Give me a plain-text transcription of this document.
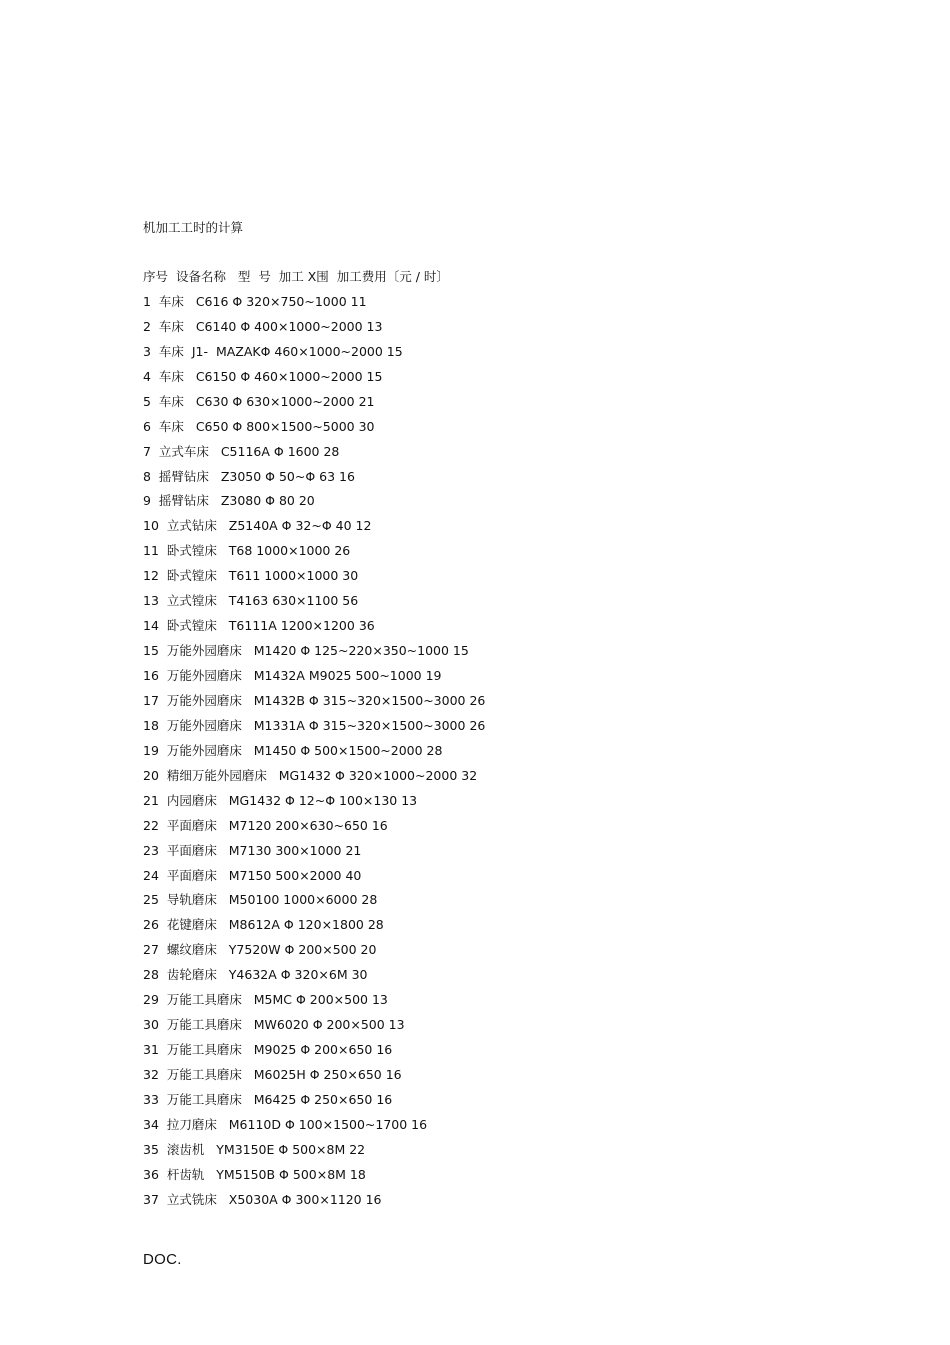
机加工工时的计算
序号  设备名称   型  号  加工 X围  加工费用〔元 / 时〕
1  车床   C616 Φ 320×750~1000 11
2  车床   C6140 Φ 400×1000~2000 13
3  车床  J1-  MAZAKΦ 460×1000~2000 15
4  车床   C6150 Φ 460×1000~2000 15
5  车床   C630 Φ 630×1000~2000 21
6  车床   C650 Φ 800×1500~5000 30
7  立式车床   C5116A Φ 1600 28
8  摇臂钻床   Z3050 Φ 50~Φ 63 16
9  摇臂钻床   Z3080 Φ 80 20
10  立式钻床   Z5140A Φ 32~Φ 40 12
11  卧式镗床   T68 1000×1000 26
12  卧式镗床   T611 1000×1000 30
13  立式镗床   T4163 630×1100 56
14  卧式镗床   T6111A 1200×1200 36
15  万能外园磨床   M1420 Φ 125~220×350~1000 15
16  万能外园磨床   M1432A M9025 500~1000 19
17  万能外园磨床   M1432B Φ 315~320×1500~3000 26
18  万能外园磨床   M1331A Φ 315~320×1500~3000 26
19  万能外园磨床   M1450 Φ 500×1500~2000 28
20  精细万能外园磨床   MG1432 Φ 320×1000~2000 32
21  内园磨床   MG1432 Φ 12~Φ 100×130 13
22  平面磨床   M7120 200×630~650 16
23  平面磨床   M7130 300×1000 21
24  平面磨床   M7150 500×2000 40
25  导轨磨床   M50100 1000×6000 28
26  花键磨床   M8612A Φ 120×1800 28
27  螺纹磨床   Y7520W Φ 200×500 20
28  齿轮磨床   Y4632A Φ 320×6M 30
29  万能工具磨床   M5MC Φ 200×500 13
30  万能工具磨床   MW6020 Φ 200×500 13
31  万能工具磨床   M9025 Φ 200×650 16
32  万能工具磨床   M6025H Φ 250×650 16
33  万能工具磨床   M6425 Φ 250×650 16
34  拉刀磨床   M6110D Φ 100×1500~1700 16
35  滚齿机   YM3150E Φ 500×8M 22
36  杆齿轨   YM5150B Φ 500×8M 18
37  立式铣床   X5030A Φ 300×1120 16
DOC.
